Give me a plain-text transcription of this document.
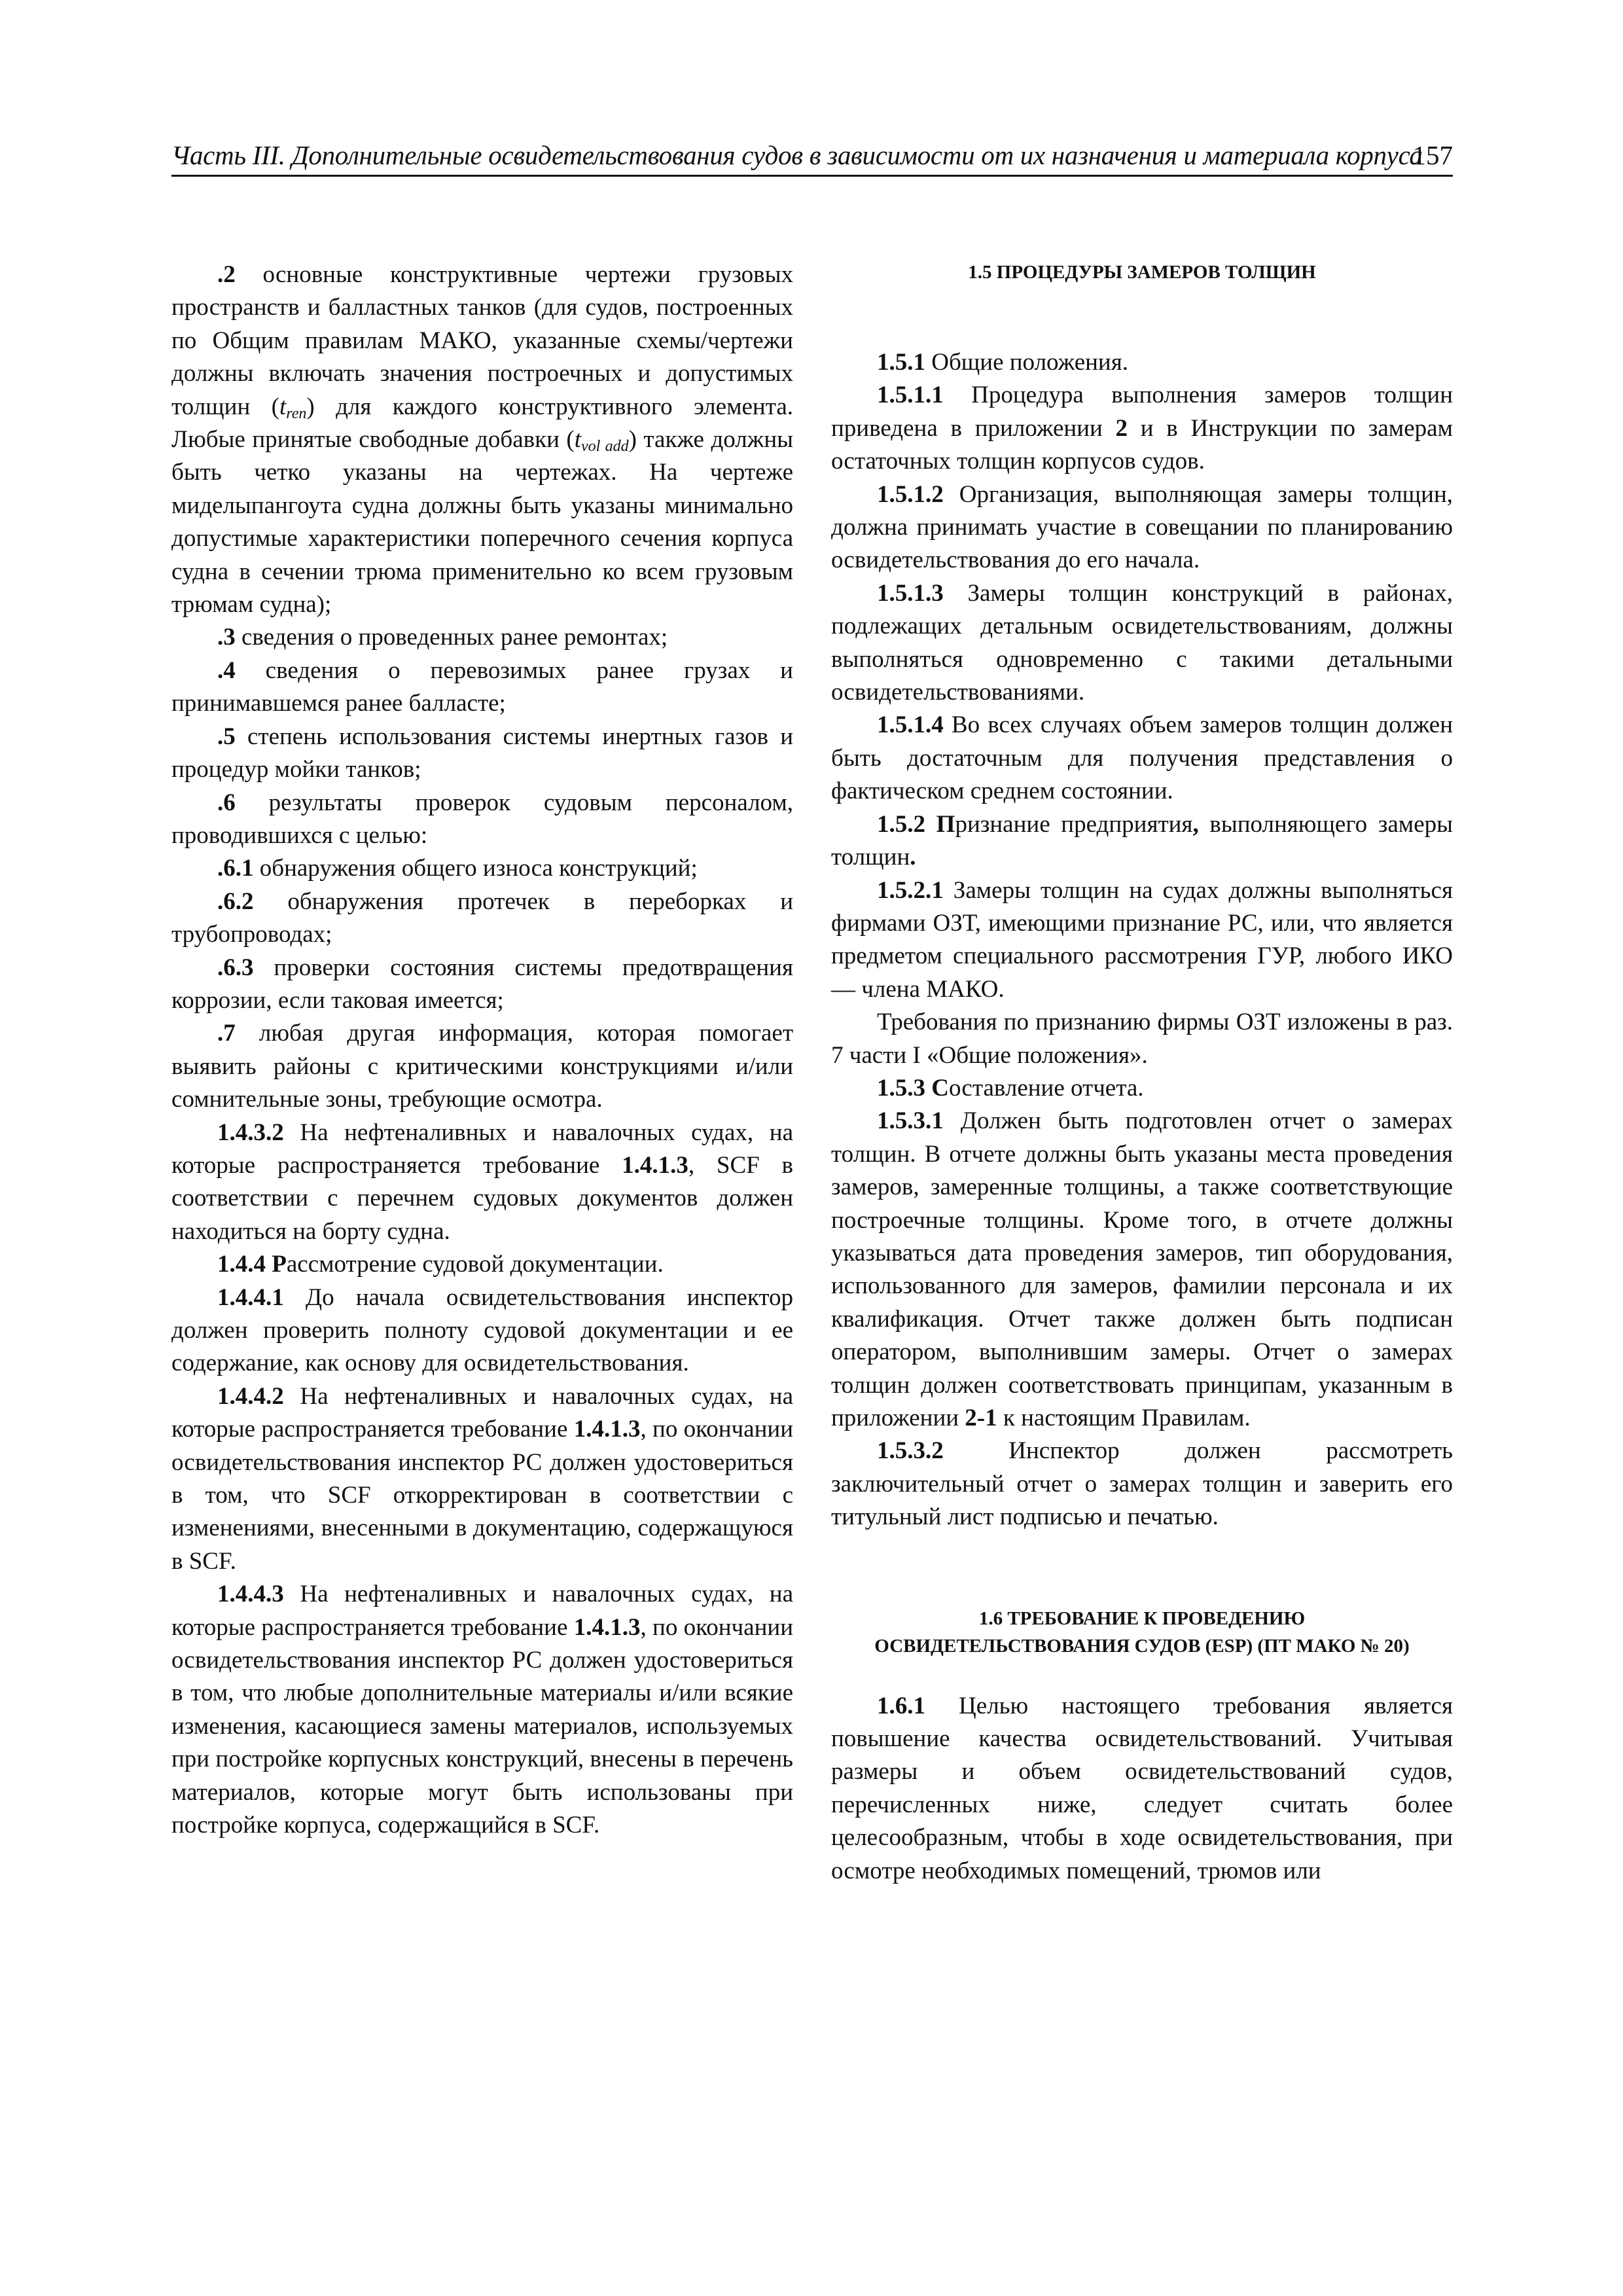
Часть III. Дополнительные освидетельствования судов в зависимости от их назначения и материала корпуса
157

.2 основные конструктивные чертежи грузовых пространств и балластных танков (для судов, построенных по Общим правилам МАКО, указанные схемы/чертежи должны включать значения построечных и допустимых толщин $(t_{ren})$ для каждого конструктивного элемента. Любые принятые свободные добавки $(t_{vol add})$ также должны быть четко указаны на чертежах. На чертеже миделыпангоута судна должны быть указаны минимально допустимые характеристики поперечного сечения корпуса судна в сечении трюма применительно ко всем грузовым трюмам судна);

.3 сведения о проведенных ранее ремонтах;

.4 сведения о перевозимых ранее грузах и принимавшемся ранее балласте;

.5 степень использования системы инертных газов и процедур мойки танков;

.6 результаты проверок судовым персоналом, проводившихся с целью:

.6.1 обнаружения общего износа конструкций;

.6.2 обнаружения протечек в переборках и трубопроводах;

.6.3 проверки состояния системы предотвращения коррозии, если таковая имеется;

.7 любая другая информация, которая помогает выявить районы с критическими конструкциями и/или сомнительные зоны, требующие осмотра.

1.4.3.2 На нефтеналивных и навалочных судах, на которые распространяется требование 1.4.1.3, SCF в соответствии с перечнем судовых документов должен находиться на борту судна.

1.4.4 Рассмотрение судовой документации.

1.4.4.1 До начала освидетельствования инспектор должен проверить полноту судовой документации и ее содержание, как основу для освидетельствования.

1.4.4.2 На нефтеналивных и навалочных судах, на которые распространяется требование 1.4.1.3, по окончании освидетельствования инспектор РС должен удостовериться в том, что SCF откорректирован в соответствии с изменениями, внесенными в документацию, содержащуюся в SCF.

1.4.4.3 На нефтеналивных и навалочных судах, на которые распространяется требование 1.4.1.3, по окончании освидетельствования инспектор РС должен удостовериться в том, что любые дополнительные материалы и/или всякие изменения, касающиеся замены материалов, используемых при постройке корпусных конструкций, внесены в перечень материалов, которые могут быть использованы при постройке корпуса, содержащийся в SCF.

1.5 ПРОЦЕДУРЫ ЗАМЕРОВ ТОЛЩИН

1.5.1 Общие положения.

1.5.1.1 Процедура выполнения замеров толщин приведена в приложении 2 и в Инструкции по замерам остаточных толщин корпусов судов.

1.5.1.2 Организация, выполняющая замеры толщин, должна принимать участие в совещании по планированию освидетельствования до его начала.

1.5.1.3 Замеры толщин конструкций в районах, подлежащих детальным освидетельствованиям, должны выполняться одновременно с такими детальными освидетельствованиями.

1.5.1.4 Во всех случаях объем замеров толщин должен быть достаточным для получения представления о фактическом среднем состоянии.

1.5.2 Признание предприятия, выполняющего замеры толщин.

1.5.2.1 Замеры толщин на судах должны выполняться фирмами ОЗТ, имеющими признание РС, или, что является предметом специального рассмотрения ГУР, любого ИКО — члена МАКО.

Требования по признанию фирмы ОЗТ изложены в раз. 7 части I «Общие положения».

1.5.3 Составление отчета.

1.5.3.1 Должен быть подготовлен отчет о замерах толщин. В отчете должны быть указаны места проведения замеров, замеренные толщины, а также соответствующие построечные толщины. Кроме того, в отчете должны указываться дата проведения замеров, тип оборудования, использованного для замеров, фамилии персонала и их квалификация. Отчет также должен быть подписан оператором, выполнившим замеры. Отчет о замерах толщин должен соответствовать принципам, указанным в приложении 2-1 к настоящим Правилам.

1.5.3.2 Инспектор должен рассмотреть заключительный отчет о замерах толщин и заверить его титульный лист подписью и печатью.

1.6 ТРЕБОВАНИЕ К ПРОВЕДЕНИЮ

ОСВИДЕТЕЛЬСТВОВАНИЯ СУДОВ (ESP) (ПТ МАКО № 20)

1.6.1 Целью настоящего требования является повышение качества освидетельствований. Учитывая размеры и объем освидетельствований судов, перечисленных ниже, следует считать более целесообразным, чтобы в ходе освидетельствования, при осмотре необходимых помещений, трюмов или
